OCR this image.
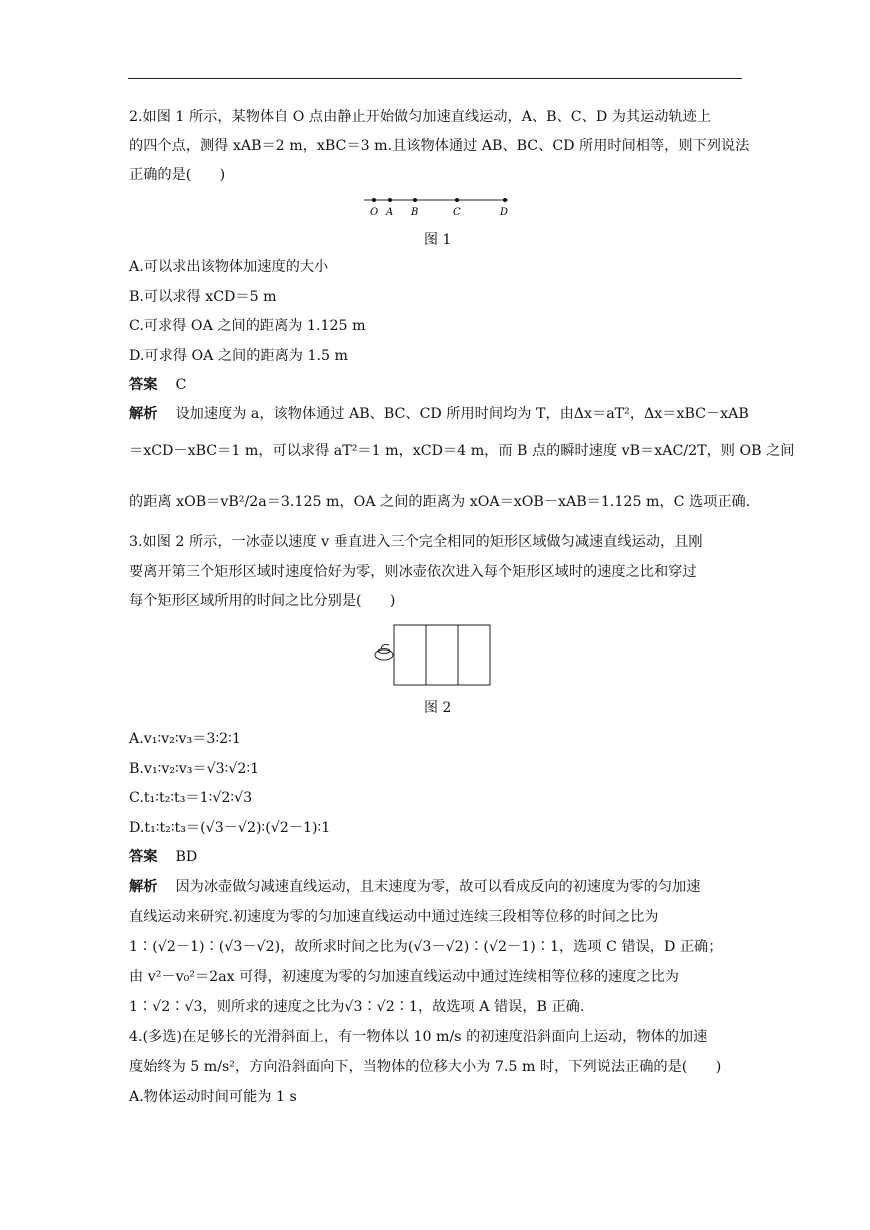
2.如图 1 所示，某物体自 O 点由静止开始做匀加速直线运动，A、B、C、D 为其运动轨迹上
的四个点，测得 xAB＝2 m，xBC＝3 m.且该物体通过 AB、BC、CD 所用时间相等，则下列说法
正确的是(　　)
O A B	C	D
图 1
A.可以求出该物体加速度的大小
B.可以求得 xCD＝5 m
C.可求得 OA 之间的距离为 1.125 m
D.可求得 OA 之间的距离为 1.5 m
答案 C
解析 设加速度为 a，该物体通过 AB、BC、CD 所用时间均为 T，由Δx＝aT²，Δx＝xBC－xAB
＝xCD－xBC＝1 m，可以求得 aT²＝1 m，xCD＝4 m，而 B 点的瞬时速度 vB＝xAC/2T，则 OB 之间
的距离 xOB＝vB²/2a＝3.125 m，OA 之间的距离为 xOA＝xOB－xAB＝1.125 m，C 选项正确.
3.如图 2 所示，一冰壶以速度 v 垂直进入三个完全相同的矩形区域做匀减速直线运动，且刚
要离开第三个矩形区域时速度恰好为零，则冰壶依次进入每个矩形区域时的速度之比和穿过
每个矩形区域所用的时间之比分别是(　　)
图 2
A.v₁∶v₂∶v₃＝3∶2∶1
B.v₁∶v₂∶v₃＝√3∶√2∶1
C.t₁∶t₂∶t₃＝1∶√2∶√3
D.t₁∶t₂∶t₃＝(√3－√2)∶(√2－1)∶1
答案 BD
解析 因为冰壶做匀减速直线运动，且末速度为零，故可以看成反向的初速度为零的匀加速
直线运动来研究.初速度为零的匀加速直线运动中通过连续三段相等位移的时间之比为
1∶(√2－1)∶(√3－√2)，故所求时间之比为(√3－√2)∶(√2－1)∶1，选项 C 错误，D 正确；
由 v²－v₀²＝2ax 可得，初速度为零的匀加速直线运动中通过连续相等位移的速度之比为
1∶√2∶√3，则所求的速度之比为√3∶√2∶1，故选项 A 错误，B 正确.
4.(多选)在足够长的光滑斜面上，有一物体以 10 m/s 的初速度沿斜面向上运动，物体的加速
度始终为 5 m/s²，方向沿斜面向下，当物体的位移大小为 7.5 m 时，下列说法正确的是(　　)
A.物体运动时间可能为 1 s
